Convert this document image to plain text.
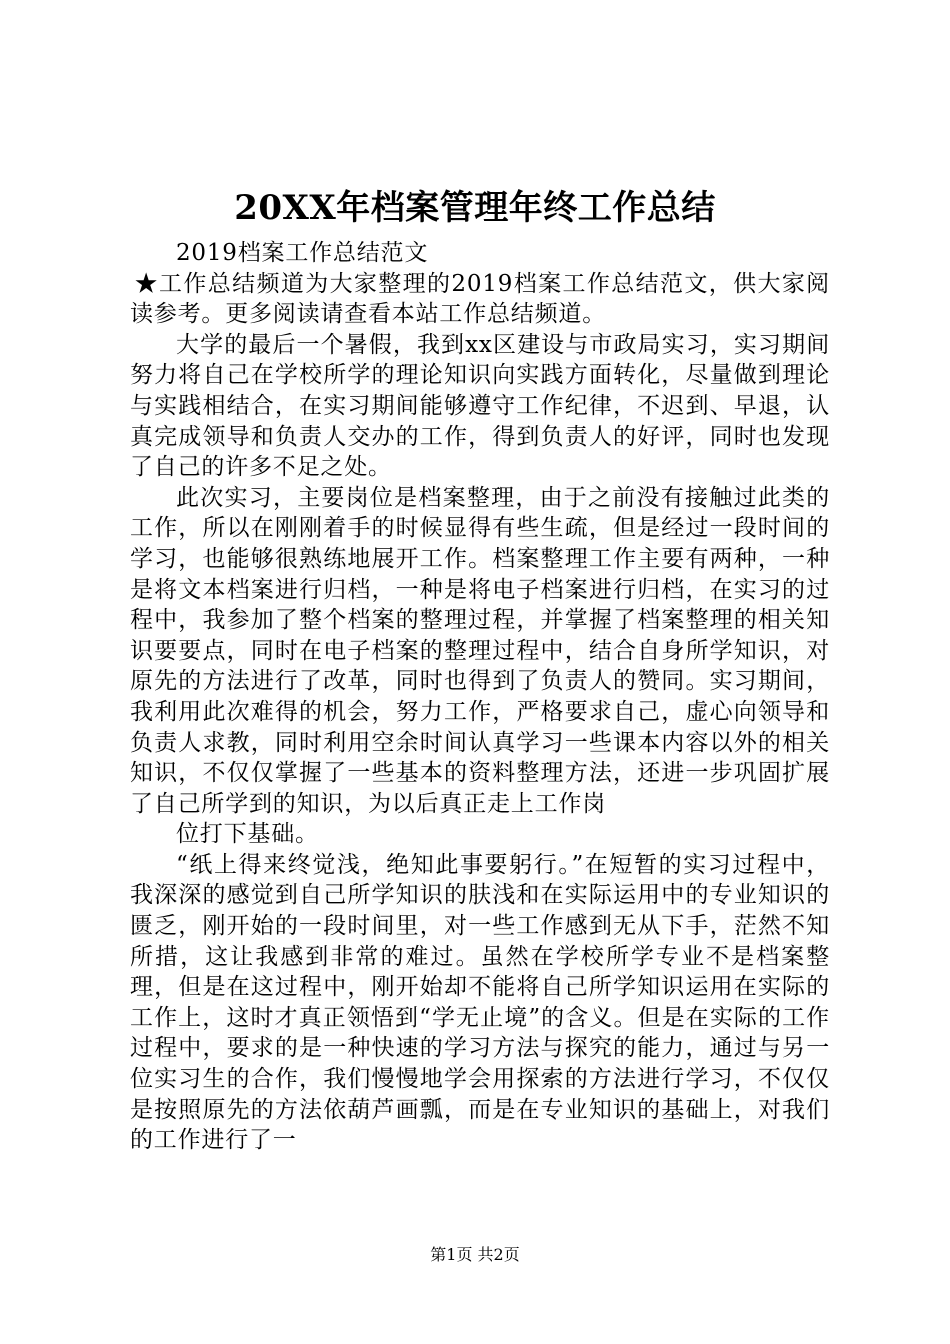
20XX年档案管理年终工作总结

2019档案工作总结范文

★工作总结频道为大家整理的2019档案工作总结范文，供大家阅读参考。更多阅读请查看本站工作总结频道。

大学的最后一个暑假，我到xx区建设与市政局实习，实习期间努力将自己在学校所学的理论知识向实践方面转化，尽量做到理论与实践相结合，在实习期间能够遵守工作纪律，不迟到、早退，认真完成领导和负责人交办的工作，得到负责人的好评，同时也发现了自己的许多不足之处。

此次实习，主要岗位是档案整理，由于之前没有接触过此类的工作，所以在刚刚着手的时候显得有些生疏，但是经过一段时间的学习，也能够很熟练地展开工作。档案整理工作主要有两种，一种是将文本档案进行归档，一种是将电子档案进行归档，在实习的过程中，我参加了整个档案的整理过程，并掌握了档案整理的相关知识要要点，同时在电子档案的整理过程中，结合自身所学知识，对原先的方法进行了改革，同时也得到了负责人的赞同。实习期间，我利用此次难得的机会，努力工作，严格要求自己，虚心向领导和负责人求教，同时利用空余时间认真学习一些课本内容以外的相关知识，不仅仅掌握了一些基本的资料整理方法，还进一步巩固扩展了自己所学到的知识，为以后真正走上工作岗

位打下基础。

“纸上得来终觉浅，绝知此事要躬行。”在短暂的实习过程中，我深深的感觉到自己所学知识的肤浅和在实际运用中的专业知识的匮乏，刚开始的一段时间里，对一些工作感到无从下手，茫然不知所措，这让我感到非常的难过。虽然在学校所学专业不是档案整理，但是在这过程中，刚开始却不能将自己所学知识运用在实际的工作上，这时才真正领悟到“学无止境”的含义。但是在实际的工作过程中，要求的是一种快速的学习方法与探究的能力，通过与另一位实习生的合作，我们慢慢地学会用探索的方法进行学习，不仅仅是按照原先的方法依葫芦画瓢，而是在专业知识的基础上，对我们的工作进行了一

第1页 共2页
